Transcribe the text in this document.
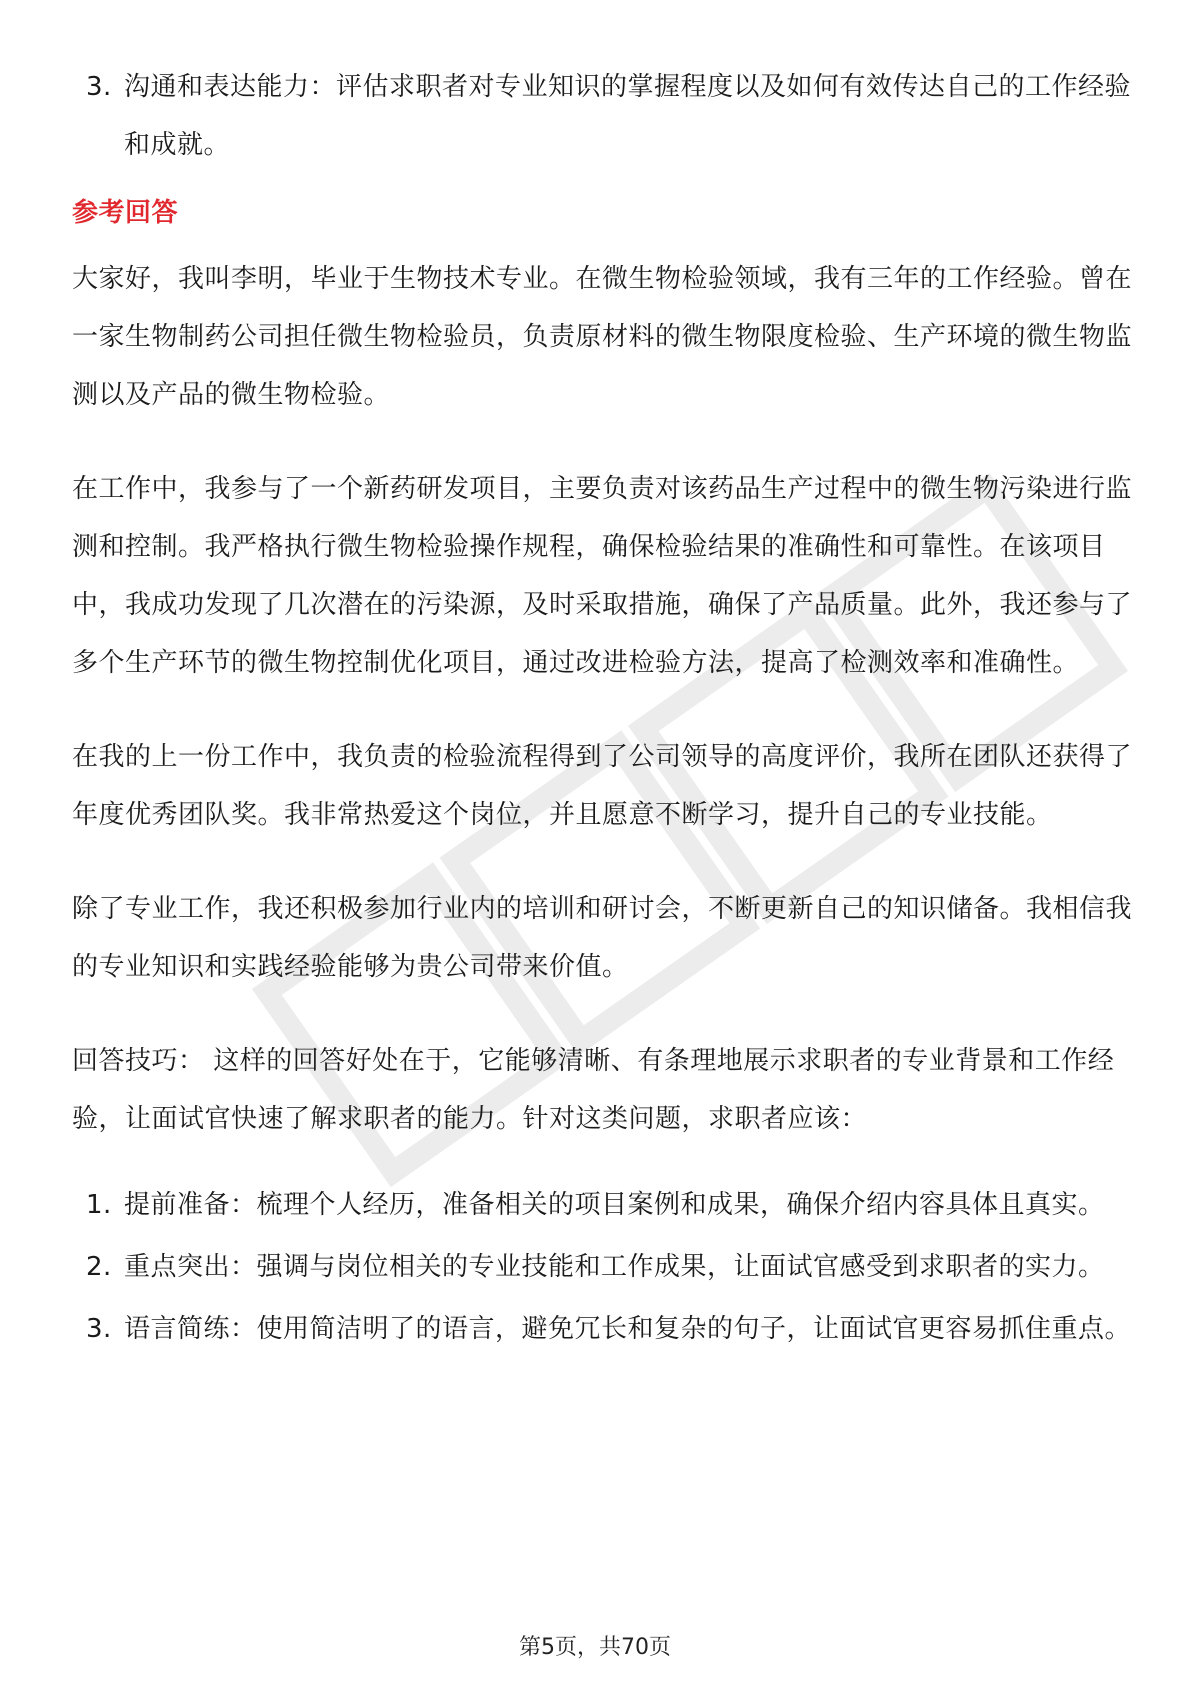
3. 沟通和表达能力：评估求职者对专业知识的掌握程度以及如何有效传达自己的工作经验和成就。
参考回答
大家好，我叫李明，毕业于生物技术专业。在微生物检验领域，我有三年的工作经验。曾在一家生物制药公司担任微生物检验员，负责原材料的微生物限度检验、生产环境的微生物监测以及产品的微生物检验。
在工作中，我参与了一个新药研发项目，主要负责对该药品生产过程中的微生物污染进行监测和控制。我严格执行微生物检验操作规程，确保检验结果的准确性和可靠性。在该项目中，我成功发现了几次潜在的污染源，及时采取措施，确保了产品质量。此外，我还参与了多个生产环节的微生物控制优化项目，通过改进检验方法，提高了检测效率和准确性。
在我的上一份工作中，我负责的检验流程得到了公司领导的高度评价，我所在团队还获得了年度优秀团队奖。我非常热爱这个岗位，并且愿意不断学习，提升自己的专业技能。
除了专业工作，我还积极参加行业内的培训和研讨会，不断更新自己的知识储备。我相信我的专业知识和实践经验能够为贵公司带来价值。
回答技巧： 这样的回答好处在于，它能够清晰、有条理地展示求职者的专业背景和工作经验，让面试官快速了解求职者的能力。针对这类问题，求职者应该：
1. 提前准备：梳理个人经历，准备相关的项目案例和成果，确保介绍内容具体且真实。
2. 重点突出：强调与岗位相关的专业技能和工作成果，让面试官感受到求职者的实力。
3. 语言简练：使用简洁明了的语言，避免冗长和复杂的句子，让面试官更容易抓住重点。
第5页，共70页
